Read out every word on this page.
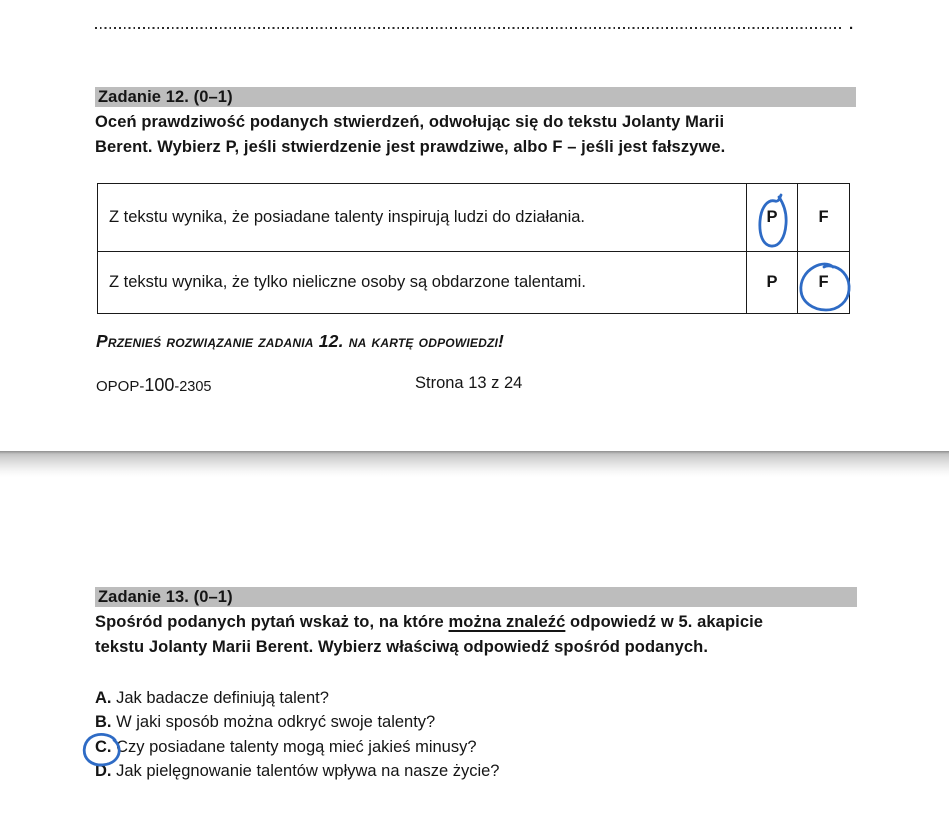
.
Zadanie 12. (0–1)
Oceń prawdziwość podanych stwierdzeń, odwołując się do tekstu Jolanty Marii
Berent. Wybierz P, jeśli stwierdzenie jest prawdziwe, albo F – jeśli jest fałszywe.
Z tekstu wynika, że posiadane talenty inspirują ludzi do działania.	P	F
Z tekstu wynika, że tylko nieliczne osoby są obdarzone talentami.	P	F
Przenieś rozwiązanie zadania 12. na kartę odpowiedzi!
OPOP-100-2305	Strona 13 z 24
Zadanie 13. (0–1)
Spośród podanych pytań wskaż to, na które można znaleźć odpowiedź w 5. akapicie
tekstu Jolanty Marii Berent. Wybierz właściwą odpowiedź spośród podanych.
A. Jak badacze definiują talent?
B. W jaki sposób można odkryć swoje talenty?
C. Czy posiadane talenty mogą mieć jakieś minusy?
D. Jak pielęgnowanie talentów wpływa na nasze życie?
